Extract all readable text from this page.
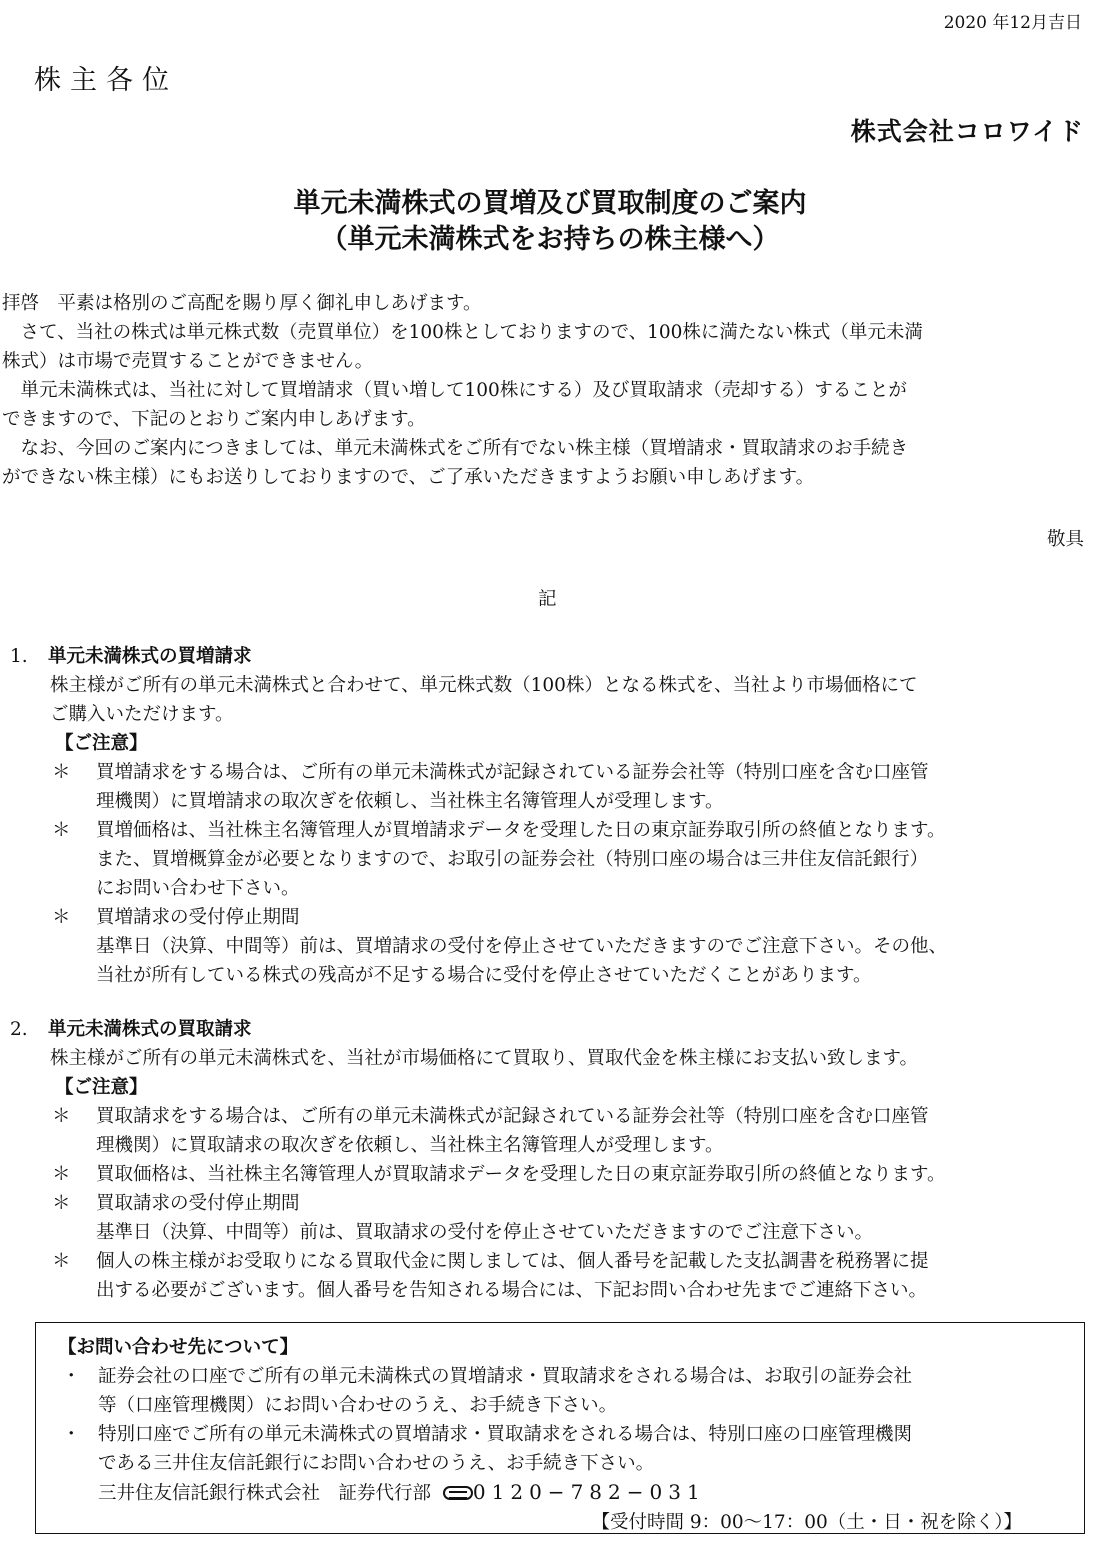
2020 年12月吉日
株主各位
株式会社コロワイド
単元未満株式の買増及び買取制度のご案内
（単元未満株式をお持ちの株主様へ）

拝啓　平素は格別のご高配を賜り厚く御礼申しあげます。

　さて、当社の株式は単元株式数（売買単位）を100株としておりますので、100株に満たない株式（単元未満

株式）は市場で売買することができません。

　単元未満株式は、当社に対して買増請求（買い増して100株にする）及び買取請求（売却する）することが

できますので、下記のとおりご案内申しあげます。

　なお、今回のご案内につきましては、単元未満株式をご所有でない株主様（買増請求・買取請求のお手続き

ができない株主様）にもお送りしておりますので、ご了承いただきますようお願い申しあげます。

敬具
記

1. 単元未満株式の買増請求

株主様がご所有の単元未満株式と合わせて、単元株式数（100株）となる株式を、当社より市場価格にて

ご購入いただけます。

【ご注意】

＊ 買増請求をする場合は、ご所有の単元未満株式が記録されている証券会社等（特別口座を含む口座管

理機関）に買増請求の取次ぎを依頼し、当社株主名簿管理人が受理します。

＊ 買増価格は、当社株主名簿管理人が買増請求データを受理した日の東京証券取引所の終値となります。

また、買増概算金が必要となりますので、お取引の証券会社（特別口座の場合は三井住友信託銀行）

にお問い合わせ下さい。

＊ 買増請求の受付停止期間

基準日（決算、中間等）前は、買増請求の受付を停止させていただきますのでご注意下さい。その他、

当社が所有している株式の残高が不足する場合に受付を停止させていただくことがあります。

2. 単元未満株式の買取請求

株主様がご所有の単元未満株式を、当社が市場価格にて買取り、買取代金を株主様にお支払い致します。

【ご注意】

＊ 買取請求をする場合は、ご所有の単元未満株式が記録されている証券会社等（特別口座を含む口座管

理機関）に買取請求の取次ぎを依頼し、当社株主名簿管理人が受理します。

＊ 買取価格は、当社株主名簿管理人が買取請求データを受理した日の東京証券取引所の終値となります。

＊ 買取請求の受付停止期間

基準日（決算、中間等）前は、買取請求の受付を停止させていただきますのでご注意下さい。

＊ 個人の株主様がお受取りになる買取代金に関しましては、個人番号を記載した支払調書を税務署に提

出する必要がございます。個人番号を告知される場合には、下記お問い合わせ先までご連絡下さい。

【お問い合わせ先について】

・ 証券会社の口座でご所有の単元未満株式の買増請求・買取請求をされる場合は、お取引の証券会社

等（口座管理機関）にお問い合わせのうえ、お手続き下さい。

・ 特別口座でご所有の単元未満株式の買増請求・買取請求をされる場合は、特別口座の口座管理機関

である三井住友信託銀行にお問い合わせのうえ、お手続き下さい。

三井住友信託銀行株式会社　証券代行部 0120−782−031

【受付時間 9：00〜17：00（土・日・祝を除く）】
